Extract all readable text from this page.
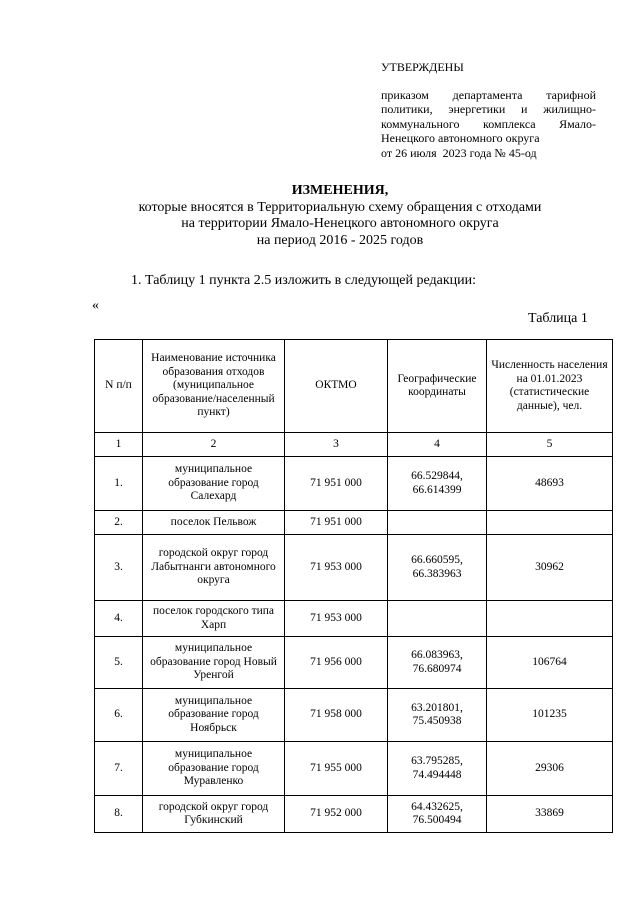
УТВЕРЖДЕНЫ
приказом департамента тарифной политики, энергетики и жилищно-коммунального комплекса Ямало-Ненецкого автономного округа
от 26 июля  2023 года № 45-од
ИЗМЕНЕНИЯ,
которые вносятся в Территориальную схему обращения с отходами
на территории Ямало-Ненецкого автономного округа
на период 2016 - 2025 годов
1. Таблицу 1 пункта 2.5 изложить в следующей редакции:
«
Таблица 1
N п/п	Наименование источника образования отходов (муниципальное образование/населенный пункт)	ОКТМО	Географические координаты	Численность населения на 01.01.2023 (статистические данные), чел.
1	2	3	4	5
1.	муниципальное образование город Салехард	71 951 000	66.529844, 66.614399	48693
2.	поселок Пельвож	71 951 000		
3.	городской округ город Лабытнанги автономного округа	71 953 000	66.660595, 66.383963	30962
4.	поселок городского типа Харп	71 953 000		
5.	муниципальное образование город Новый Уренгой	71 956 000	66.083963, 76.680974	106764
6.	муниципальное образование город Ноябрьск	71 958 000	63.201801, 75.450938	101235
7.	муниципальное образование город Муравленко	71 955 000	63.795285, 74.494448	29306
8.	городской округ город Губкинский	71 952 000	64.432625, 76.500494	33869
